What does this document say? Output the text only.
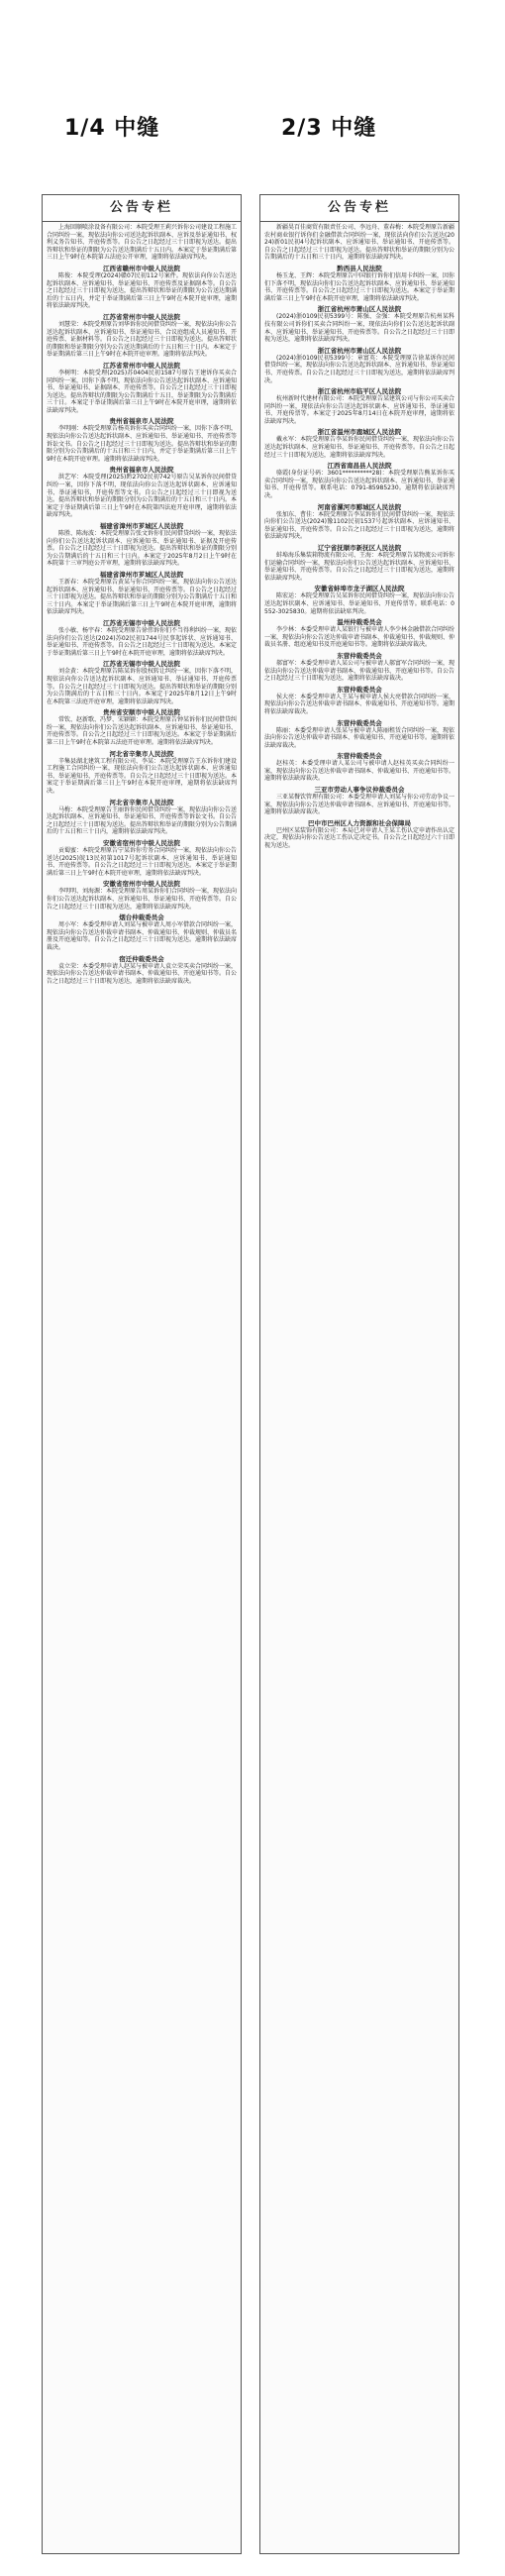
1/4 中缝	2/3 中缝
公告专栏
上海回顺喷涂设备有限公司：本院受理王莉兴诉你公司建设工程施工合同纠纷一案，现依法向你公司送达起诉状副本、应诉及举证通知书、权利义务告知书、开庭传票等。自公告之日起经过三十日即视为送达。提出答辩状和举证的期限为公告送达期满后十五日内。本案定于举证期满后第三日上午9时在本院第五法庭公开审理，逾期将依法缺席判决。
江西省赣州市中级人民法院
陈俊：本院受理(2024)赣07民初112号案件。现依法向你公告送达起诉状副本、应诉通知书、举证通知书、开庭传票及证据副本等。自公告之日起经过三十日即视为送达，提出答辩状和举证的期限为公告送达期满后的十五日内，并定于举证期满后第三日上午9时在本院开庭审理，逾期将依法缺席判决。
江苏省常州市中级人民法院
刘慧荣：本院受理原告刘华诉你民间借贷纠纷一案，现依法向你公告送达起诉状副本、应诉通知书、举证通知书、合议庭组成人员通知书、开庭传票、证据材料等。自公告之日起经过三十日即视为送达。提出答辩状的期限和举证期限分别为公告送达期满后的十五日和三十日内。本案定于举证期满后第三日上午9时在本院开庭审理。逾期将依法判决。
江苏省常州市中级人民法院
李树明：本院受理(2025)苏0404民初1587号原告王建诉你买卖合同纠纷一案，因你下落不明，现依法向你公告送达起诉状副本、应诉通知书、举证通知书、证据副本、开庭传票等。自公告之日起经过三十日即视为送达。提出答辩状的期限为公告期满后十五日，举证期限为公告期满后三十日。本案定于举证期满后第三日上午9时在本院开庭审理，逾期将依法缺席判决。
贵州省福泉市人民法院
李明刚：本院受理原告杨英诉你买卖合同纠纷一案，因你下落不明，现依法向你公告送达起诉状副本、应诉通知书、举证通知书、开庭传票等诉讼文书。自公告之日起经过三十日即视为送达。提出答辩状和举证的期限分别为公告期满后的十五日和三十日内，并定于举证期满后第三日上午9时在本院开庭审理。逾期将依法缺席判决。
贵州省福泉市人民法院
洪艺军：本院受理(2025)黔2702民初742号原告吴某诉你民间借贷纠纷一案，因你下落不明，现依法向你公告送达起诉状副本、应诉通知书、举证通知书、开庭传票等文书。自公告之日起经过三十日即视为送达。提出答辩状和举证的期限分别为公告期满后的十五日和三十日内。本案定于举证期满后第三日上午9时在本院第四法庭开庭审理，逾期将依法缺席判决。
福建省漳州市芗城区人民法院
陈胜、陈海波：本院受理原告张文诉你们民间借贷纠纷一案，现依法向你们公告送达起诉状副本、应诉通知书、举证通知书、证据及开庭传票。自公告之日起经过三十日即视为送达。提出答辩状和举证的期限分别为公告期满后的十五日和三十日内。本案定于2025年8月2日上午9时在本院第十三审判庭公开审理，逾期将依法缺席判决。
福建省漳州市芗城区人民法院
王新春：本院受理原告黄某与你合同纠纷一案，现依法向你公告送达起诉状副本、应诉通知书、举证通知书、开庭传票等。自公告之日起经过三十日即视为送达。提出答辩状和举证的期限分别为公告期满后十五日和三十日内。本案定于举证期满后第三日上午9时在本院开庭审理，逾期将依法缺席判决。
江苏省无锡市中级人民法院
张小敏、杨宇春：本院受理原告徐伟诉你们不当得利纠纷一案，现依法向你们公告送达(2024)苏02民初1744号民事起诉状、应诉通知书、举证通知书、开庭传票等。自公告之日起经过三十日即视为送达。本案定于举证期满后第三日上午9时在本院开庭审理，逾期将依法缺席判决。
江苏省无锡市中级人民法院
刘金黄：本院受理原告陈某诉你股权转让纠纷一案，因你下落不明，现依法向你公告送达起诉状副本、应诉通知书、举证通知书、开庭传票等。自公告之日起经过三十日即视为送达。提出答辩状和举证的期限分别为公告期满后的十五日和三十日内。本案定于2025年8月12日上午9时在本院第三法庭开庭审理，逾期将依法缺席判决。
贵州省安顺市中级人民法院
常钦、赵新歌、冯梦、宋颖颖：本院受理原告钟某诉你们民间借贷纠纷一案，现依法向你们公告送达起诉状副本、应诉通知书、举证通知书、开庭传票等。自公告之日起经过三十日即视为送达。本案定于举证期满后第三日上午9时在本院第五法庭开庭审理。逾期将依法缺席判决。
河北省辛集市人民法院
辛集县湖北建筑工程有限公司、李某：本院受理原告王东诉你们建设工程施工合同纠纷一案，现依法向你们公告送达起诉状副本、应诉通知书、举证通知书、开庭传票等。自公告之日起经过三十日即视为送达。本案定于举证期满后第三日上午9时在本院开庭审理，逾期将依法缺席判决。
河北省辛集市人民法院
马梅：本院受理原告王丽诉你民间借贷纠纷一案，现依法向你公告送达起诉状副本、应诉通知书、举证通知书、开庭传票等诉讼文书。自公告之日起经过三十日即视为送达。提出答辩状和举证的期限分别为公告期满后的十五日和三十日内，逾期将依法缺席判决。
安徽省宿州市中级人民法院
贡蜀蜜：本院受理原告宁某诉你劳务合同纠纷一案，现依法向你公告送达(2025)皖13民初第1017号起诉状副本、应诉通知书、举证通知书、开庭传票等。自公告之日起经过三十日即视为送达。本案定于举证期满后第三日上午9时在本院开庭审理，逾期将依法缺席判决。
安徽省宿州市中级人民法院
李明明、刘海源：本院受理原告周某诉你们合同纠纷一案，现依法向你们公告送达起诉状副本、应诉通知书、举证通知书、开庭传票等。自公告之日起经过三十日即视为送达，逾期将依法缺席判决。
烟台仲裁委员会
周小军：本委受理申请人刘某与被申请人周小军借款合同纠纷一案，现依法向你公告送达仲裁申请书副本、仲裁通知书、仲裁规则、仲裁员名册及开庭通知等。自公告之日起经过三十日即视为送达。逾期将依法缺席裁决。
宿迁仲裁委员会
袁立荣：本委受理申请人赵某与被申请人袁立荣买卖合同纠纷一案，现依法向你公告送达仲裁申请书副本、仲裁通知书、开庭通知书等。自公告之日起经过三十日即视为送达，逾期将依法缺席裁决。
公告专栏
新疆昊百佳商贸有限责任公司、李远舟、董春梅：本院受理原告新疆农村商业银行诉你们金融借款合同纠纷一案，现依法向你们公告送达(2024)新01民初4号起诉状副本、应诉通知书、举证通知书、开庭传票等。自公告之日起经过三十日即视为送达。提出答辩状和举证的期限分别为公告期满后的十五日和三十日内，逾期将依法缺席判决。
黔西县人民法院
杨玉龙、王辉：本院受理原告中国银行诉你们信用卡纠纷一案，因你们下落不明，现依法向你们公告送达起诉状副本、应诉通知书、举证通知书、开庭传票等。自公告之日起经过三十日即视为送达。本案定于举证期满后第三日上午9时在本院开庭审理，逾期将依法缺席判决。
浙江省杭州市萧山区人民法院
(2024)浙0109民初5399号：陈强、金强：本院受理原告杭州某科技有限公司诉你们买卖合同纠纷一案，现依法向你们公告送达起诉状副本、应诉通知书、举证通知书、开庭传票等。自公告之日起经过三十日即视为送达，逾期将依法缺席判决。
浙江省杭州市萧山区人民法院
(2024)浙0109民初5399号：章富英：本院受理原告徐某诉你民间借贷纠纷一案，现依法向你公告送达起诉状副本、应诉通知书、举证通知书、开庭传票。自公告之日起经过三十日即视为送达，逾期将依法缺席判决。
浙江省杭州市临平区人民法院
杭州新时代建材有限公司：本院受理原告某建筑公司与你公司买卖合同纠纷一案，现依法向你公告送达起诉状副本、应诉通知书、举证通知书、开庭传票等。本案定于2025年8月14日在本院开庭审理，逾期将依法缺席判决。
浙江省温州市鹿城区人民法院
戴永军：本院受理原告李某诉你民间借贷纠纷一案，现依法向你公告送达起诉状副本、应诉通知书、举证通知书、开庭传票等。自公告之日起经过三十日即视为送达，逾期将依法缺席判决。
江西省南昌县人民法院
骆霞(身份证号码：3601**********28)：本院受理原告熊某诉你买卖合同纠纷一案，现依法向你公告送达起诉状副本、应诉通知书、举证通知书、开庭传票等。联系电话：0791-85985230。逾期将依法缺席判决。
河南省漯河市郾城区人民法院
张加东、曹佳：本院受理原告李某诉你们民间借贷纠纷一案，现依法向你们公告送达(2024)豫1102民初1537号起诉状副本、应诉通知书、举证通知书、开庭传票等。自公告之日起经过三十日即视为送达，逾期将依法缺席判决。
辽宁省抚顺市新抚区人民法院
蚌埠海乐集装箱物流有限公司、王海：本院受理原告某物流公司诉你们运输合同纠纷一案，现依法向你们公告送达起诉状副本、应诉通知书、举证通知书、开庭传票等。自公告之日起经过三十日即视为送达，逾期将依法缺席判决。
安徽省蚌埠市龙子湖区人民法院
陈宏运：本院受理原告吴某诉你民间借贷纠纷一案，现依法向你公告送达起诉状副本、应诉通知书、举证通知书、开庭传票等。联系电话：0552-3025830。逾期将依法缺席判决。
温州仲裁委员会
李少林：本委受理申请人某银行与被申请人李少林金融借款合同纠纷一案，现依法向你公告送达仲裁申请书副本、仲裁通知书、仲裁规则、仲裁员名册、组庭通知书及开庭通知书等。逾期将依法缺席裁决。
东营仲裁委员会
郝富军：本委受理申请人某公司与被申请人郝富军合同纠纷一案，现依法向你公告送达仲裁申请书副本、仲裁通知书、开庭通知书等。自公告之日起经过三十日即视为送达，逾期将依法缺席裁决。
东营仲裁委员会
侯大亮：本委受理申请人王某与被申请人侯大亮借款合同纠纷一案，现依法向你公告送达仲裁申请书副本、仲裁通知书、开庭通知书等。逾期将依法缺席裁决。
东营仲裁委员会
陈丽：本委受理申请人张某与被申请人陈丽租赁合同纠纷一案，现依法向你公告送达仲裁申请书副本、仲裁通知书、开庭通知书等。逾期将依法缺席裁决。
东营仲裁委员会
赵桂英：本委受理申请人某公司与被申请人赵桂英买卖合同纠纷一案，现依法向你公告送达仲裁申请书副本、仲裁通知书、开庭通知书等。逾期将依法缺席裁决。
三亚市劳动人事争议仲裁委员会
三亚某餐饮管理有限公司：本委受理申请人刘某与你公司劳动争议一案，现依法向你公告送达仲裁申请书副本、应诉通知书、开庭通知书等。逾期将依法缺席裁决。
巴中市巴州区人力资源和社会保障局
巴州区某装饰有限公司：本局已对申请人王某工伤认定申请作出认定决定，现依法向你公告送达工伤认定决定书。自公告之日起经过六十日即视为送达。
